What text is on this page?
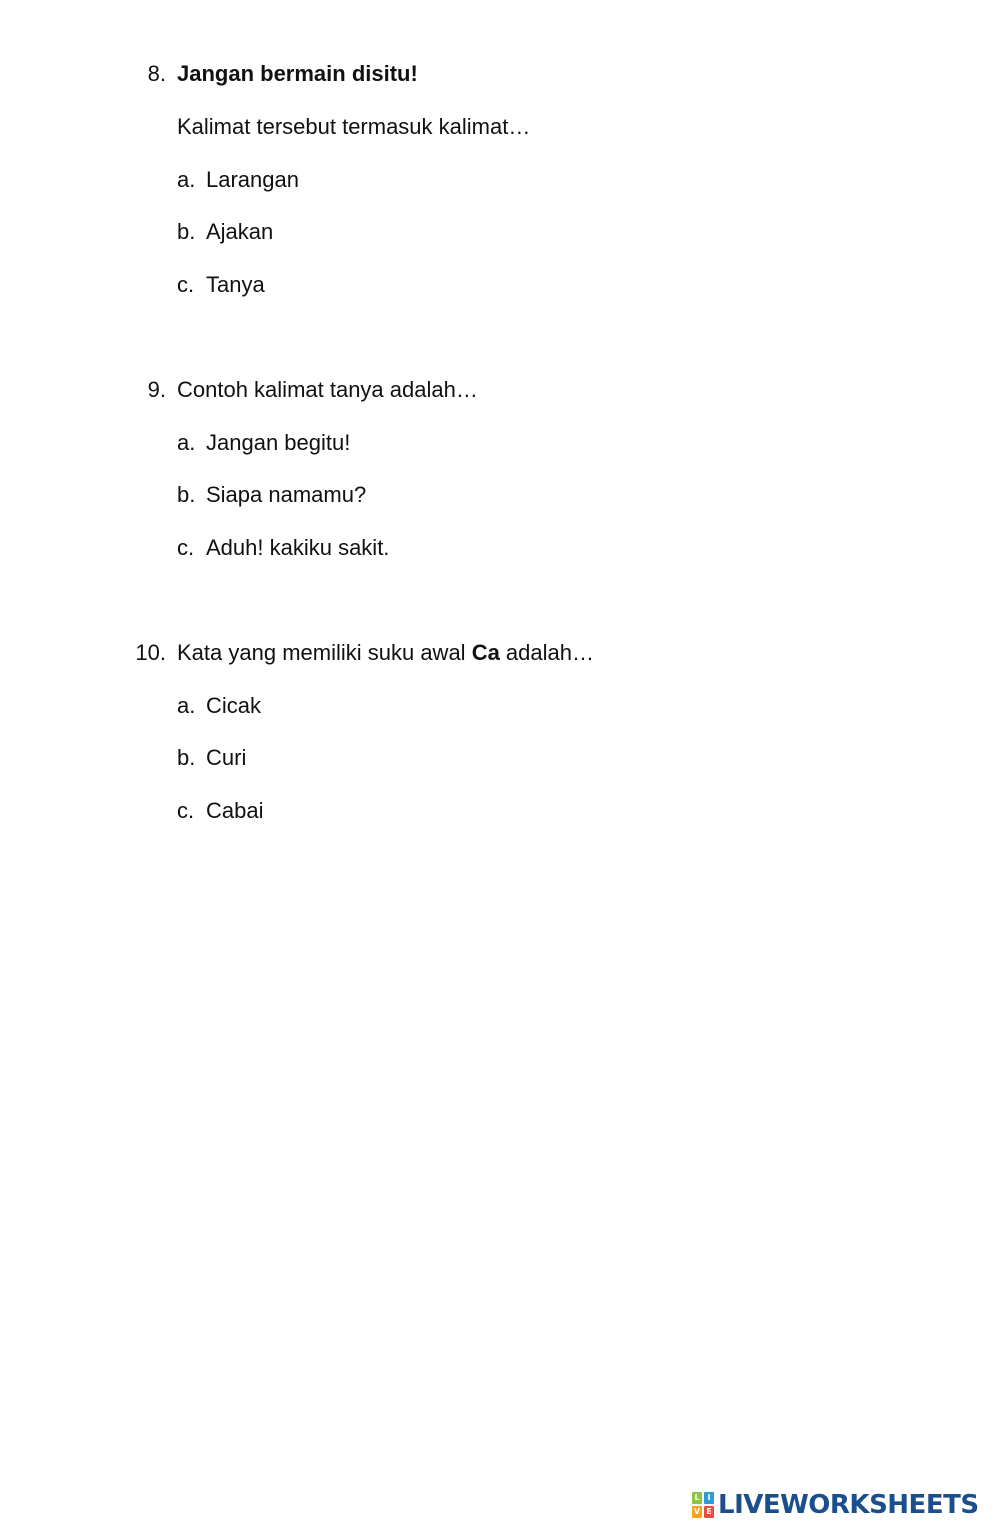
8. Jangan bermain disitu!
Kalimat tersebut termasuk kalimat…
a. Larangan
b. Ajakan
c. Tanya
9. Contoh kalimat tanya adalah…
a. Jangan begitu!
b. Siapa namamu?
c. Aduh! kakiku sakit.
10. Kata yang memiliki suku awal Ca adalah…
a. Cicak
b. Curi
c. Cabai
L I
V E LIVEWORKSHEETS
